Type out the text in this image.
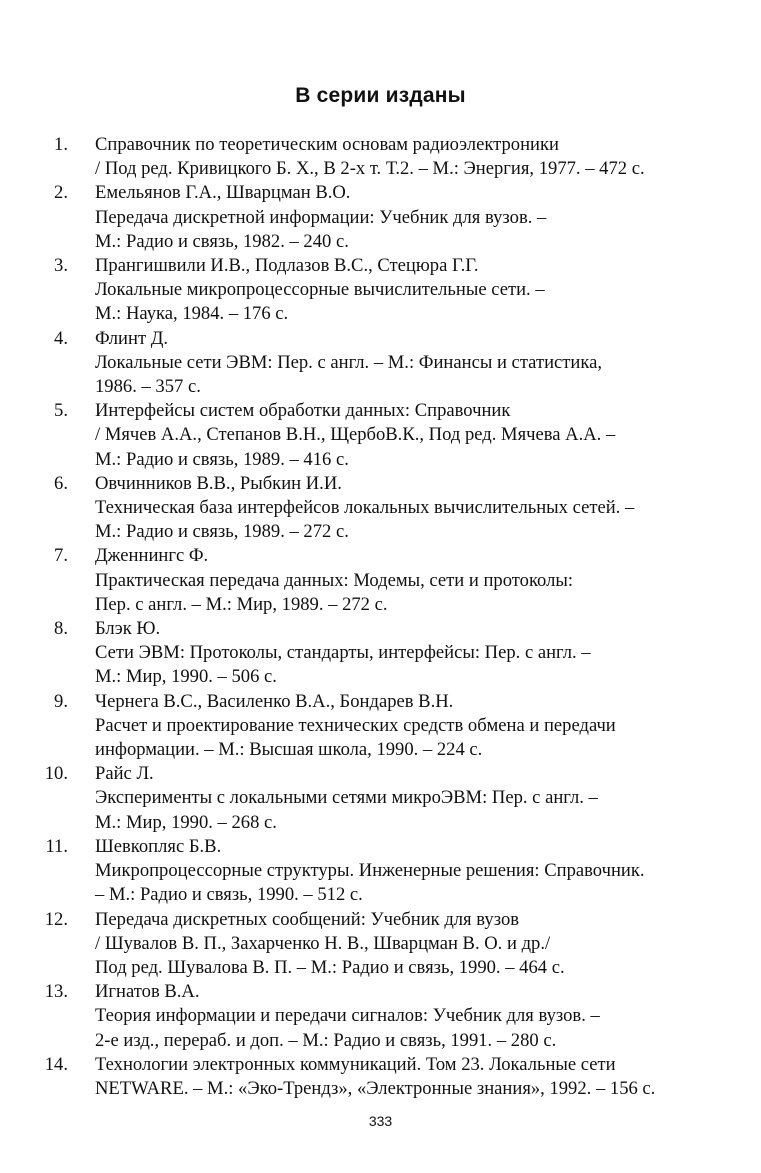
В серии изданы
1. Справочник по теоретическим основам радиоэлектроники
/ Под ред. Кривицкого Б. Х., В 2-х т. Т.2. – М.: Энергия, 1977. – 472 с.
2. Емельянов Г.А., Шварцман В.О.
Передача дискретной информации: Учебник для вузов. –
М.: Радио и связь, 1982. – 240 с.
3. Прангишвили И.В., Подлазов В.С., Стецюра Г.Г.
Локальные микропроцессорные вычислительные сети. –
М.: Наука, 1984. – 176 с.
4. Флинт Д.
Локальные сети ЭВМ: Пер. с англ. – М.: Финансы и статистика,
1986. – 357 с.
5. Интерфейсы систем обработки данных: Справочник
/ Мячев А.А., Степанов В.Н., ЩербоВ.К., Под ред. Мячева А.А. –
М.: Радио и связь, 1989. – 416 с.
6. Овчинников В.В., Рыбкин И.И.
Техническая база интерфейсов локальных вычислительных сетей. –
М.: Радио и связь, 1989. – 272 с.
7. Дженнингс Ф.
Практическая передача данных: Модемы, сети и протоколы:
Пер. с англ. – М.: Мир, 1989. – 272 с.
8. Блэк Ю.
Сети ЭВМ: Протоколы, стандарты, интерфейсы: Пер. с англ. –
М.: Мир, 1990. – 506 с.
9. Чернега В.С., Василенко В.А., Бондарев В.Н.
Расчет и проектирование технических средств обмена и передачи
информации. – М.: Высшая школа, 1990. – 224 с.
10. Райс Л.
Эксперименты с локальными сетями микроЭВМ: Пер. с англ. –
М.: Мир, 1990. – 268 с.
11. Шевкопляс Б.В.
Микропроцессорные структуры. Инженерные решения: Справочник.
– М.: Радио и связь, 1990. – 512 с.
12. Передача дискретных сообщений: Учебник для вузов
/ Шувалов В. П., Захарченко Н. В., Шварцман В. О. и др./
Под ред. Шувалова В. П. – М.: Радио и связь, 1990. – 464 с.
13. Игнатов В.А.
Теория информации и передачи сигналов: Учебник для вузов. –
2-е изд., перераб. и доп. – М.: Радио и связь, 1991. – 280 с.
14. Технологии электронных коммуникаций. Том 23. Локальные сети
NETWARE. – М.: «Эко-Трендз», «Электронные знания», 1992. – 156 с.
333
